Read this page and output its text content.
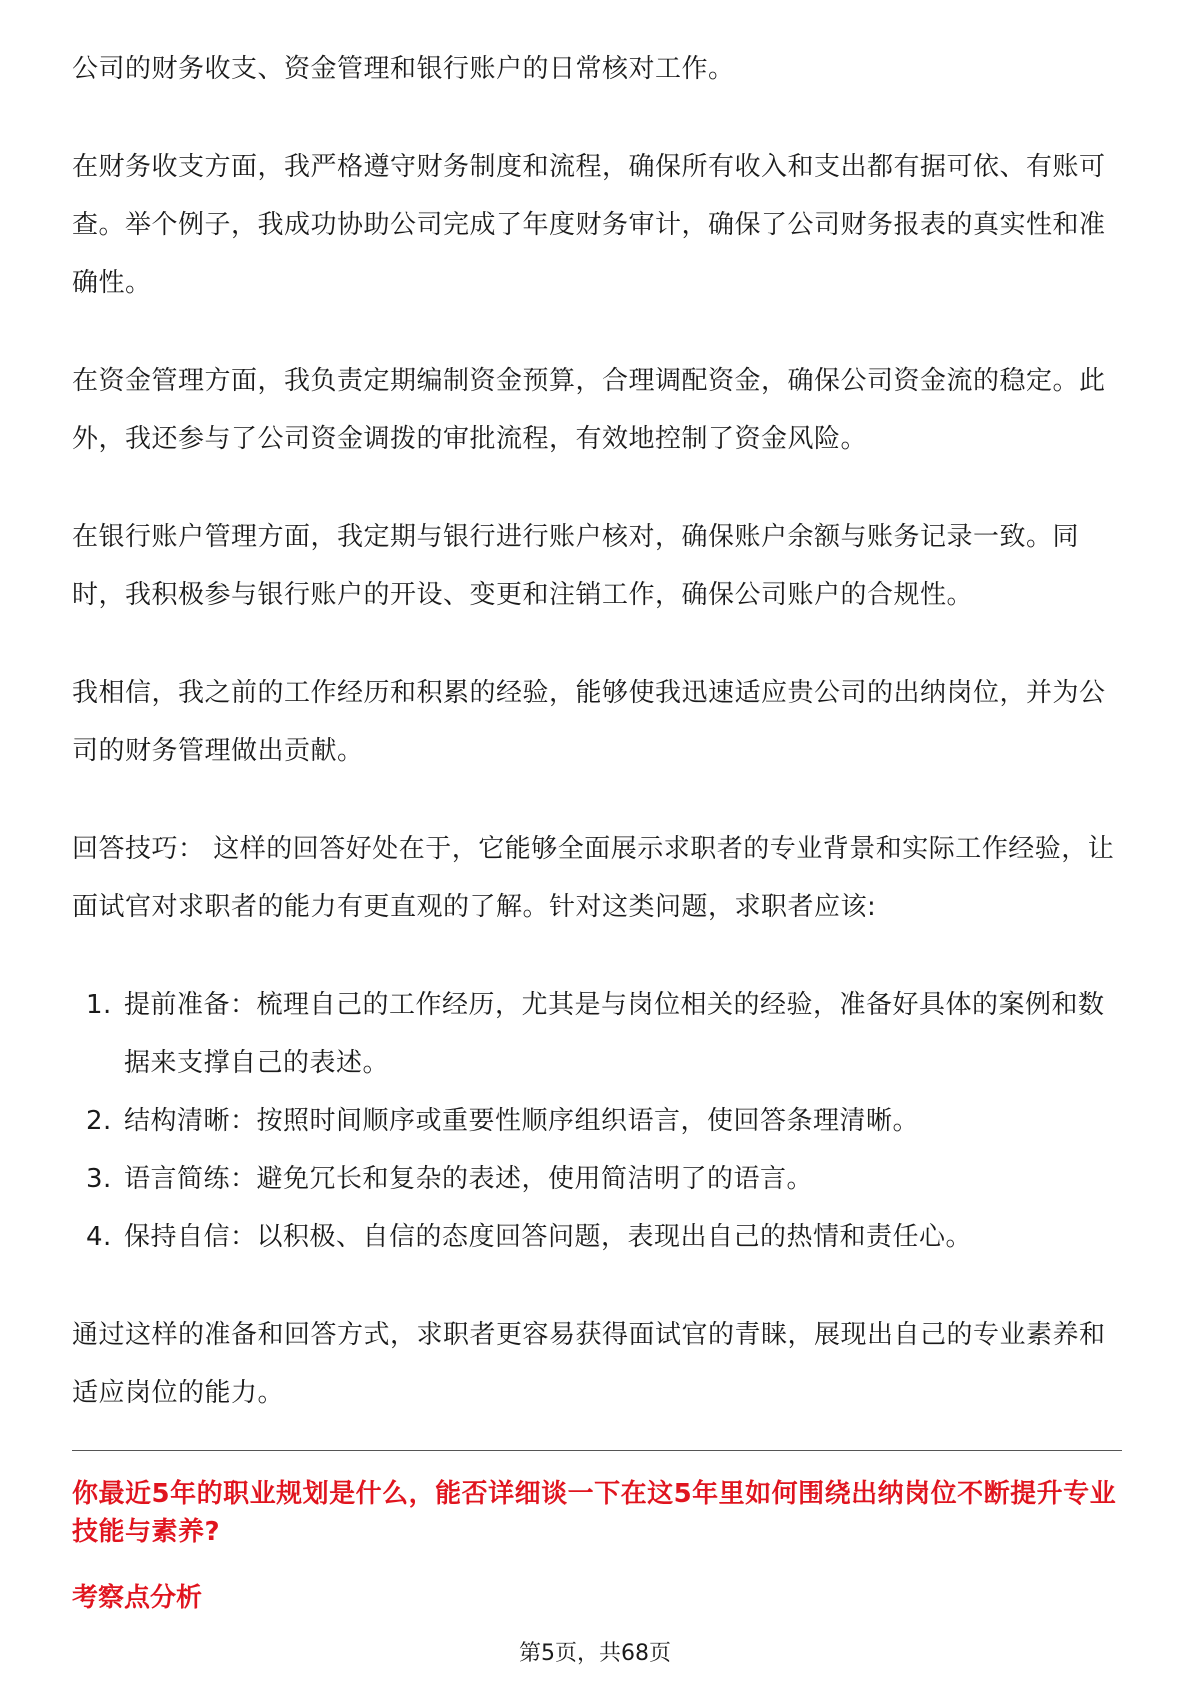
公司的财务收支、资金管理和银行账户的日常核对工作。

在财务收支方面，我严格遵守财务制度和流程，确保所有收入和支出都有据可依、有账可查。举个例子，我成功协助公司完成了年度财务审计，确保了公司财务报表的真实性和准确性。

在资金管理方面，我负责定期编制资金预算，合理调配资金，确保公司资金流的稳定。此外，我还参与了公司资金调拨的审批流程，有效地控制了资金风险。

在银行账户管理方面，我定期与银行进行账户核对，确保账户余额与账务记录一致。同时，我积极参与银行账户的开设、变更和注销工作，确保公司账户的合规性。

我相信，我之前的工作经历和积累的经验，能够使我迅速适应贵公司的出纳岗位，并为公司的财务管理做出贡献。

回答技巧： 这样的回答好处在于，它能够全面展示求职者的专业背景和实际工作经验，让面试官对求职者的能力有更直观的了解。针对这类问题，求职者应该:

1. 提前准备：梳理自己的工作经历，尤其是与岗位相关的经验，准备好具体的案例和数据来支撑自己的表述。
2. 结构清晰：按照时间顺序或重要性顺序组织语言，使回答条理清晰。
3. 语言简练：避免冗长和复杂的表述，使用简洁明了的语言。
4. 保持自信：以积极、自信的态度回答问题，表现出自己的热情和责任心。

通过这样的准备和回答方式，求职者更容易获得面试官的青睐，展现出自己的专业素养和适应岗位的能力。

你最近5年的职业规划是什么，能否详细谈一下在这5年里如何围绕出纳岗位不断提升专业技能与素养?

考察点分析

第5页，共68页
